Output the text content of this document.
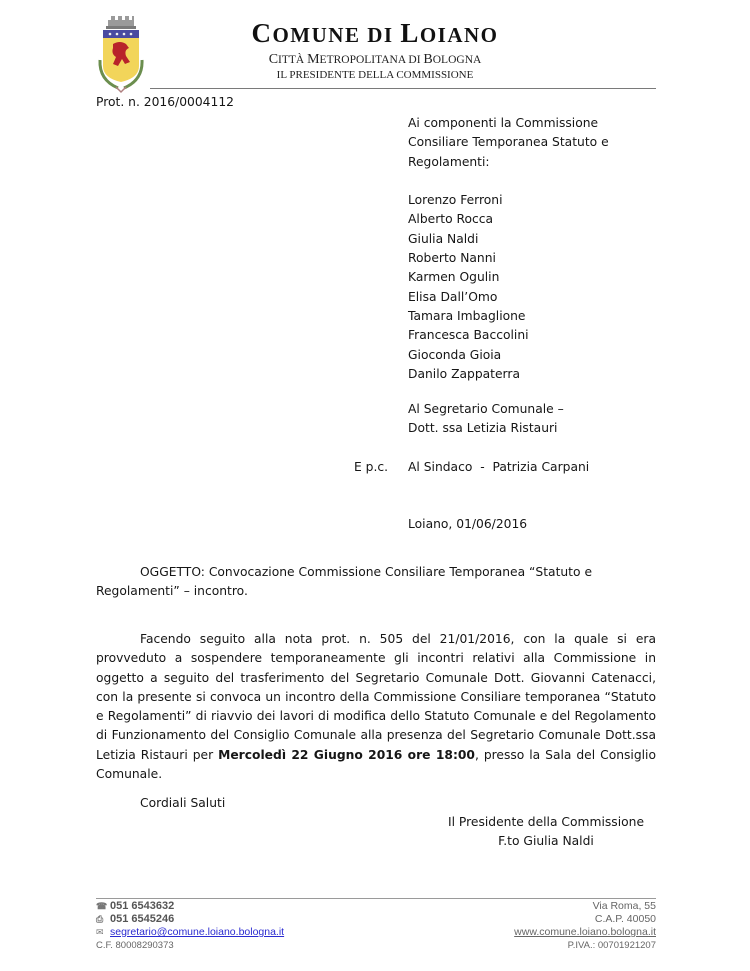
COMUNE DI LOIANO
CITTÀ METROPOLITANA DI BOLOGNA
IL PRESIDENTE DELLA COMMISSIONE
Prot. n. 2016/0004112
Ai componenti la Commissione
Consiliare Temporanea Statuto e
Regolamenti:
Lorenzo Ferroni
Alberto Rocca
Giulia Naldi
Roberto Nanni
Karmen Ogulin
Elisa Dall’Omo
Tamara Imbaglione
Francesca Baccolini
Gioconda Gioia
Danilo Zappaterra
Al Segretario Comunale –
Dott. ssa Letizia Ristauri
E p.c. Al Sindaco  -  Patrizia Carpani
Loiano, 01/06/2016
OGGETTO: Convocazione Commissione Consiliare Temporanea “Statuto e
Regolamenti” – incontro.
Facendo seguito alla nota prot. n. 505 del 21/01/2016, con la quale si era provveduto a sospendere temporaneamente gli incontri relativi alla Commissione in oggetto a seguito del trasferimento del Segretario Comunale Dott. Giovanni Catenacci, con la presente si convoca un incontro della Commissione Consiliare temporanea “Statuto e Regolamenti” di riavvio dei lavori di modifica dello Statuto Comunale e del Regolamento di Funzionamento del Consiglio Comunale alla presenza del Segretario Comunale Dott.ssa Letizia Ristauri per Mercoledì 22 Giugno 2016 ore 18:00, presso la Sala del Consiglio Comunale.
Cordiali Saluti
Il Presidente della Commissione
F.to Giulia Naldi
☎ 051 6543632
⎙ 051 6545246
✉ segretario@comune.loiano.bologna.it
C.F. 80008290373
Via Roma, 55
C.A.P. 40050
www.comune.loiano.bologna.it
P.IVA.: 00701921207
